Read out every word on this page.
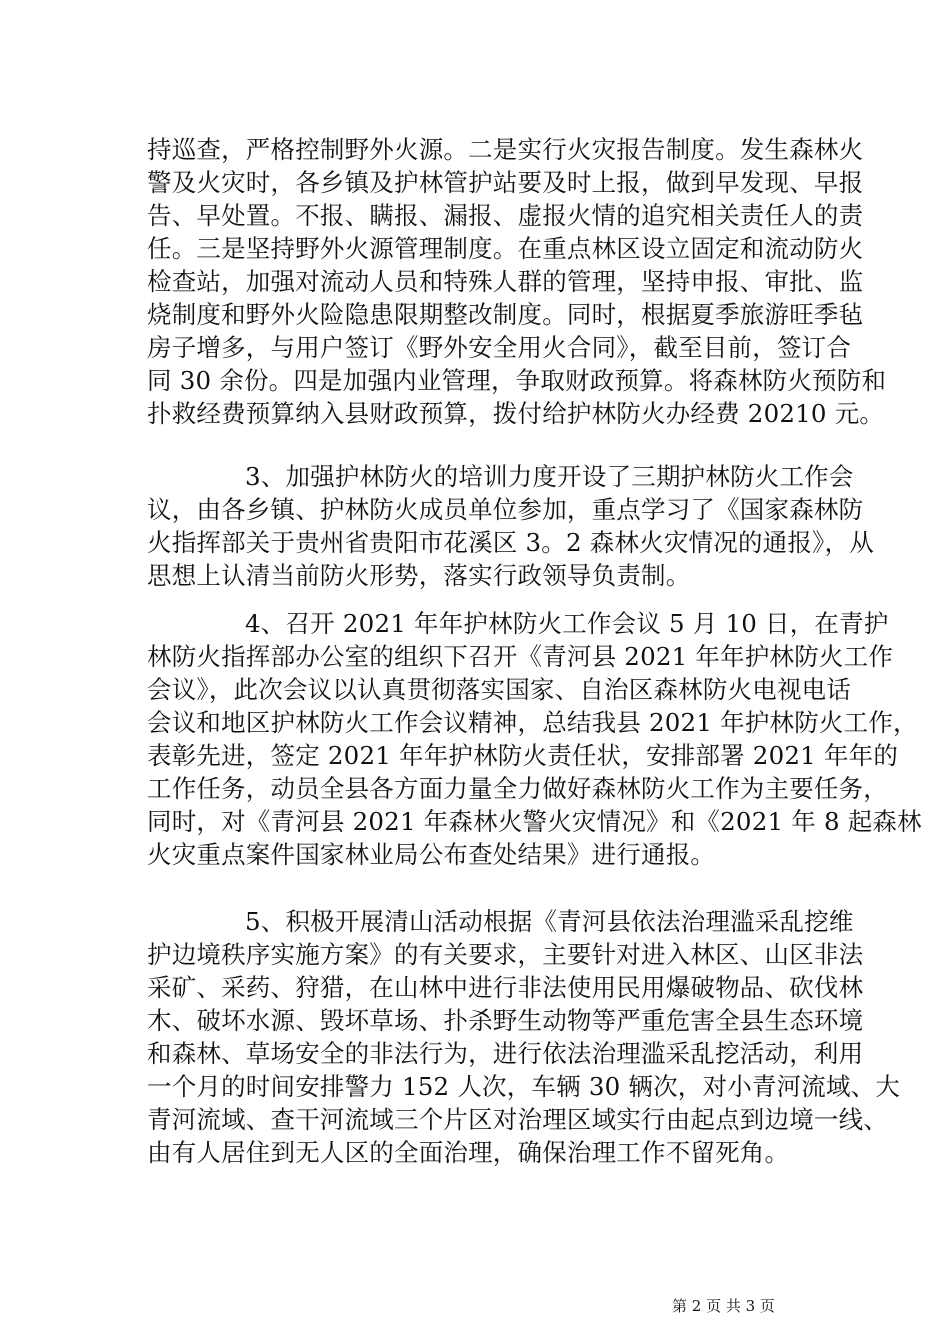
持巡查，严格控制野外火源。二是实行火灾报告制度。发生森林火
警及火灾时，各乡镇及护林管护站要及时上报，做到早发现、早报
告、早处置。不报、瞒报、漏报、虚报火情的追究相关责任人的责
任。三是坚持野外火源管理制度。在重点林区设立固定和流动防火
检查站，加强对流动人员和特殊人群的管理，坚持申报、审批、监
烧制度和野外火险隐患限期整改制度。同时，根据夏季旅游旺季毡
房子增多，与用户签订《野外安全用火合同》，截至目前，签订合
同 30 余份。四是加强内业管理，争取财政预算。将森林防火预防和
扑救经费预算纳入县财政预算，拨付给护林防火办经费 20210 元。
3、加强护林防火的培训力度开设了三期护林防火工作会
议，由各乡镇、护林防火成员单位参加，重点学习了《国家森林防
火指挥部关于贵州省贵阳市花溪区 3。2 森林火灾情况的通报》，从
思想上认清当前防火形势，落实行政领导负责制。
4、召开 2021 年年护林防火工作会议 5 月 10 日，在青护
林防火指挥部办公室的组织下召开《青河县 2021 年年护林防火工作
会议》，此次会议以认真贯彻落实国家、自治区森林防火电视电话
会议和地区护林防火工作会议精神，总结我县 2021 年护林防火工作，
表彰先进，签定 2021 年年护林防火责任状，安排部署 2021 年年的
工作任务，动员全县各方面力量全力做好森林防火工作为主要任务，
同时，对《青河县 2021 年森林火警火灾情况》和《2021 年 8 起森林
火灾重点案件国家林业局公布查处结果》进行通报。
5、积极开展清山活动根据《青河县依法治理滥采乱挖维
护边境秩序实施方案》的有关要求，主要针对进入林区、山区非法
采矿、采药、狩猎，在山林中进行非法使用民用爆破物品、砍伐林
木、破坏水源、毁坏草场、扑杀野生动物等严重危害全县生态环境
和森林、草场安全的非法行为，进行依法治理滥采乱挖活动，利用
一个月的时间安排警力 152 人次，车辆 30 辆次，对小青河流域、大
青河流域、查干河流域三个片区对治理区域实行由起点到边境一线、
由有人居住到无人区的全面治理，确保治理工作不留死角。
第 2 页 共 3 页
